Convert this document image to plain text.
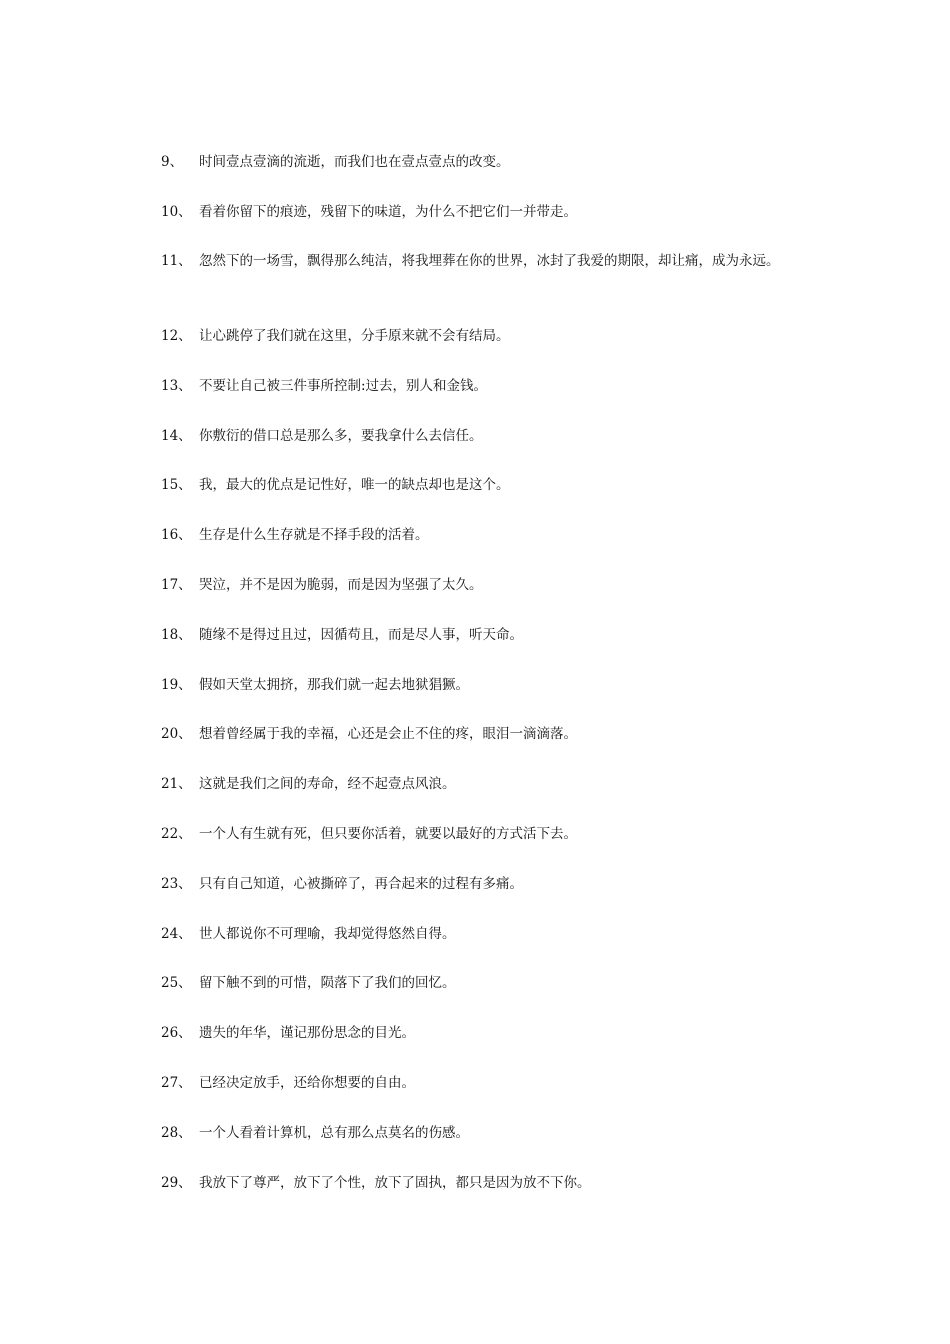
9、 时间壹点壹滴的流逝，而我们也在壹点壹点的改变。
10、 看着你留下的痕迹，残留下的味道，为什么不把它们一并带走。
11、 忽然下的一场雪，飘得那么纯洁，将我埋葬在你的世界，冰封了我爱的期限，却让痛，成为永远。
12、 让心跳停了我们就在这里，分手原来就不会有结局。
13、 不要让自己被三件事所控制:过去，别人和金钱。
14、 你敷衍的借口总是那么多，要我拿什么去信任。
15、 我，最大的优点是记性好，唯一的缺点却也是这个。
16、 生存是什么生存就是不择手段的活着。
17、 哭泣，并不是因为脆弱，而是因为坚强了太久。
18、 随缘不是得过且过，因循苟且，而是尽人事，听天命。
19、 假如天堂太拥挤，那我们就一起去地狱猖獗。
20、 想着曾经属于我的幸福，心还是会止不住的疼，眼泪一滴滴落。
21、 这就是我们之间的寿命，经不起壹点风浪。
22、 一个人有生就有死，但只要你活着，就要以最好的方式活下去。
23、 只有自己知道，心被撕碎了，再合起来的过程有多痛。
24、 世人都说你不可理喻，我却觉得悠然自得。
25、 留下触不到的可惜，陨落下了我们的回忆。
26、 遗失的年华，谨记那份思念的目光。
27、 已经决定放手，还给你想要的自由。
28、 一个人看着计算机，总有那么点莫名的伤感。
29、 我放下了尊严，放下了个性，放下了固执，都只是因为放不下你。
